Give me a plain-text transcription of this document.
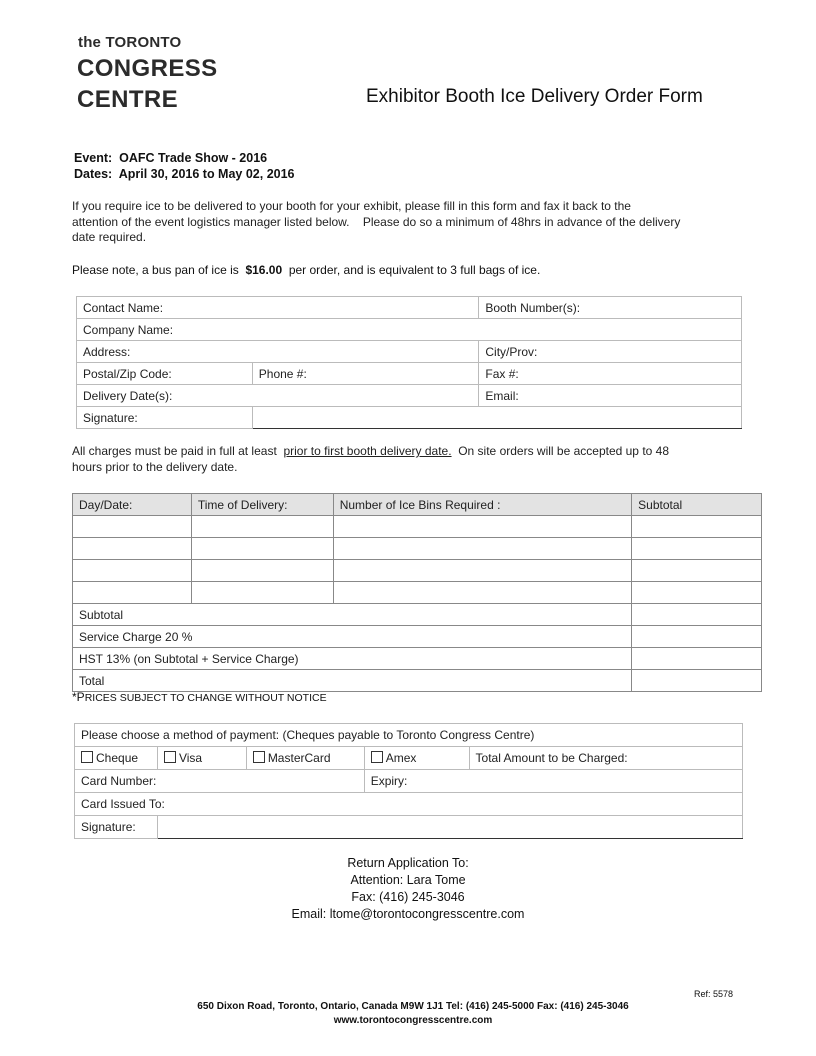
the TORONTO
CONGRESS
CENTRE	Exhibitor Booth Ice Delivery Order Form
Event: OAFC Trade Show - 2016
Dates: April 30, 2016 to May 02, 2016
If you require ice to be delivered to your booth for your exhibit, please fill in this form and fax it back to the
attention of the event logistics manager listed below.    Please do so a minimum of 48hrs in advance of the delivery
date required.
Please note, a bus pan of ice is $16.00 per order, and is equivalent to 3 full bags of ice.
Contact Name:		Booth Number(s):
Company Name:		
Address:		City/Prov:
Postal/Zip Code:	Phone #:	Fax #:
Delivery Date(s):		Email:
Signature:		
All charges must be paid in full at least prior to first booth delivery date. On site orders will be accepted up to 48
hours prior to the delivery date.
Day/Date:	Time of Delivery:	Number of Ice Bins Required :	Subtotal

Subtotal			
Service Charge 20 %			
HST 13% (on Subtotal + Service Charge)			
Total			
*PRICES SUBJECT TO CHANGE WITHOUT NOTICE
Please choose a method of payment: (Cheques payable to Toronto Congress Centre)				
Cheque	Visa	MasterCard	Amex	Total Amount to be Charged:
Card Number:			Expiry:	
Card Issued To:				
Signature:				
Return Application To:
Attention: Lara Tome
Fax: (416) 245-3046
Email: ltome@torontocongresscentre.com
Ref: 5578
650 Dixon Road, Toronto, Ontario, Canada M9W 1J1 Tel: (416) 245-5000 Fax: (416) 245-3046
www.torontocongresscentre.com
